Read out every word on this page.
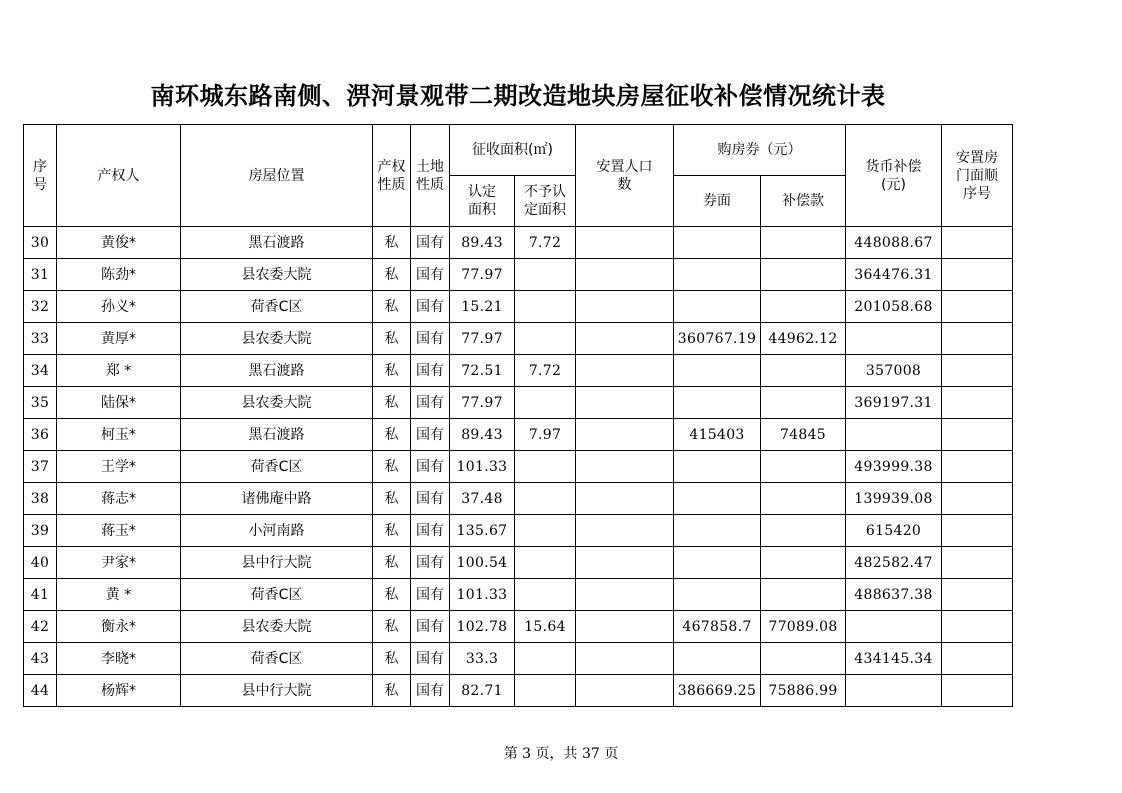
南环城东路南侧、淠河景观带二期改造地块房屋征收补偿情况统计表
序号	产权人	房屋位置	产权性质	土地性质	征收面积(㎡)		安置人口数	购房券（元）		货币补偿(元)	安置房门面顺序号

					认定面积	不予认定面积		券面	补偿款		
30	黄俊*	黑石渡路	私	国有	89.43	7.72				448088.67	
31	陈劲*	县农委大院	私	国有	77.97					364476.31	
32	孙义*	荷香C区	私	国有	15.21					201058.68	
33	黄厚*	县农委大院	私	国有	77.97			360767.19	44962.12		
34	郑 *	黑石渡路	私	国有	72.51	7.72				357008	
35	陆保*	县农委大院	私	国有	77.97					369197.31	
36	柯玉*	黑石渡路	私	国有	89.43	7.97		415403	74845		
37	王学*	荷香C区	私	国有	101.33					493999.38	
38	蒋志*	诸佛庵中路	私	国有	37.48					139939.08	
39	蒋玉*	小河南路	私	国有	135.67					615420	
40	尹家*	县中行大院	私	国有	100.54					482582.47	
41	黄 *	荷香C区	私	国有	101.33					488637.38	
42	衡永*	县农委大院	私	国有	102.78	15.64		467858.7	77089.08		
43	李晓*	荷香C区	私	国有	33.3					434145.34	
44	杨辉*	县中行大院	私	国有	82.71			386669.25	75886.99		
第 3 页，共 37 页
